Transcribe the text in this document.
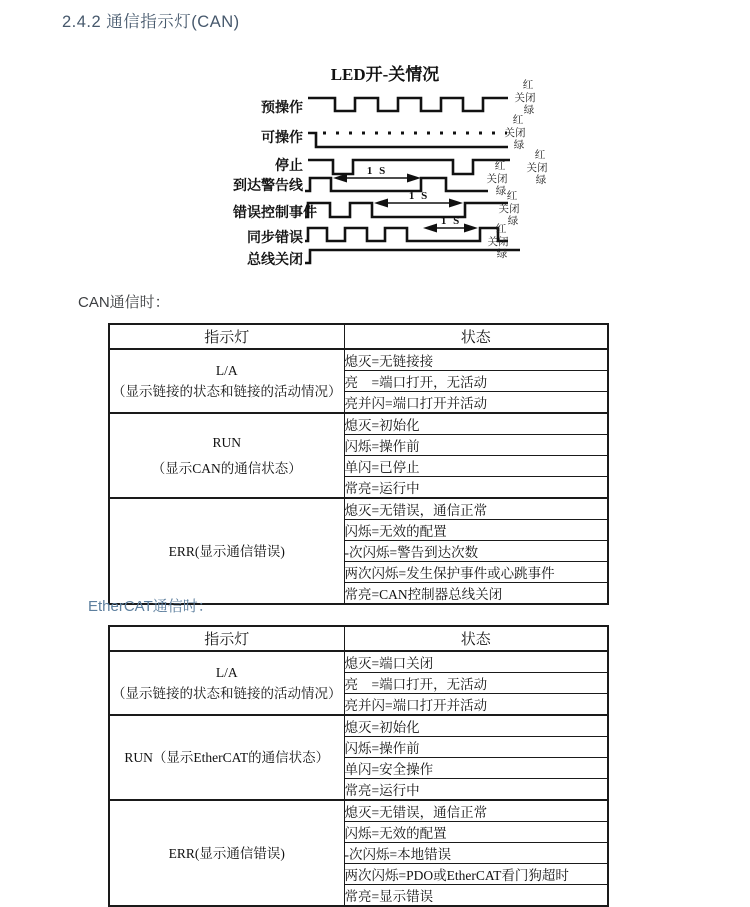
2.4.2 通信指示灯(CAN)
LED开-关情况
预操作
可操作
停止
到达警告线
错误控制事件
同步错误
总线关闭
1 S
1 S
1 S
红
关闭
绿
红
关闭
绿
红
关闭
绿
红
关闭
绿 红
关闭
绿
红
关闭
绿
CAN通信时：
指示灯	状态

L/A
（显示链接的状态和链接的活动情况）	熄灭=无链接接
	亮　=端口打开，无活动
	亮并闪=端口打开并活动

RUN
（显示CAN的通信状态）	熄灭=初始化
	闪烁=操作前
	单闪=已停止
	常亮=运行中

ERR(显示通信错误)	熄灭=无错误，通信正常
	闪烁=无效的配置
	-次闪烁=警告到达次数
	两次闪烁=发生保护事件或心跳事件
	常亮=CAN控制器总线关闭
EtherCAT通信时：
指示灯	状态

L/A
（显示链接的状态和链接的活动情况）	熄灭=端口关闭
	亮　=端口打开，无活动
	亮并闪=端口打开并活动

RUN（显示EtherCAT的通信状态）	熄灭=初始化
	闪烁=操作前
	单闪=安全操作
	常亮=运行中

ERR(显示通信错误)	熄灭=无错误，通信正常
	闪烁=无效的配置
	-次闪烁=本地错误
	两次闪烁=PDO或EtherCAT看门狗超时
	常亮=显示错误
